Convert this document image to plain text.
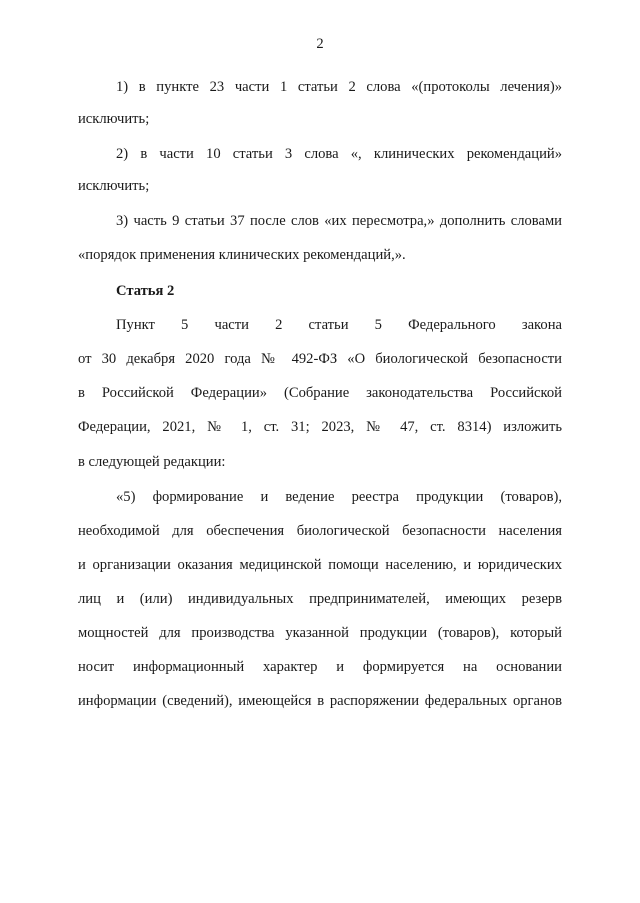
2
1) в пункте 23 части 1 статьи 2 слова «(протоколы лечения)»
исключить;
2) в части 10 статьи 3 слова «, клинических рекомендаций»
исключить;
3) часть 9 статьи 37 после слов «их пересмотра,» дополнить словами
«порядок применения клинических рекомендаций,».
Статья 2
Пункт 5 части 2 статьи 5 Федерального закона
от 30 декабря 2020 года № 492-ФЗ «О биологической безопасности
в Российской Федерации» (Собрание законодательства Российской
Федерации, 2021, № 1, ст. 31; 2023, № 47, ст. 8314) изложить
в следующей редакции:
«5) формирование и ведение реестра продукции (товаров),
необходимой для обеспечения биологической безопасности населения
и организации оказания медицинской помощи населению, и юридических
лиц и (или) индивидуальных предпринимателей, имеющих резерв
мощностей для производства указанной продукции (товаров), который
носит информационный характер и формируется на основании
информации (сведений), имеющейся в распоряжении федеральных органов
